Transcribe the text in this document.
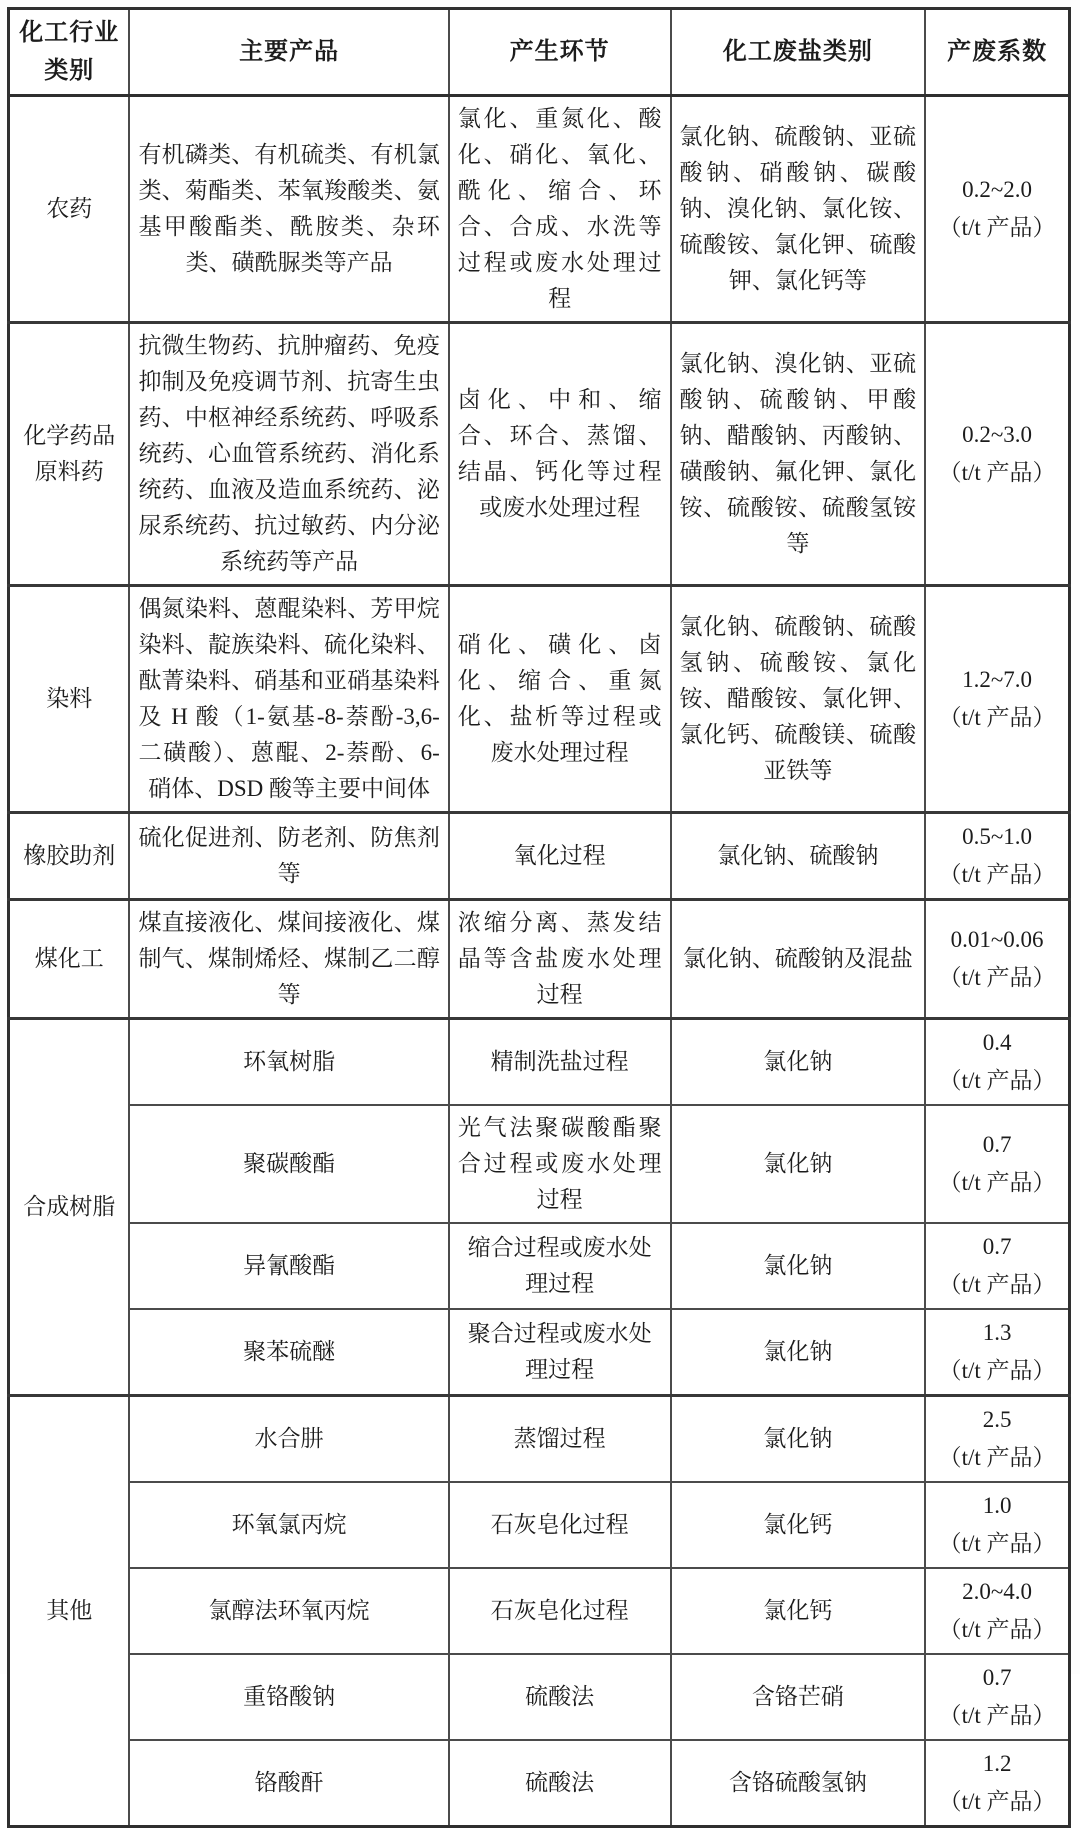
化工行业类别	主要产品	产生环节	化工废盐类别	产废系数
农药	有机磷类、有机硫类、有机氯类、菊酯类、苯氧羧酸类、氨基甲酸酯类、酰胺类、杂环类、磺酰脲类等产品	氯化、重氮化、酸化、硝化、氧化、酰化、缩合、环合、合成、水洗等过程或废水处理过程	氯化钠、硫酸钠、亚硫酸钠、硝酸钠、碳酸钠、溴化钠、氯化铵、硫酸铵、氯化钾、硫酸钾、氯化钙等	0.2~2.0
（t/t 产品）

化学药品原料药	抗微生物药、抗肿瘤药、免疫抑制及免疫调节剂、抗寄生虫药、中枢神经系统药、呼吸系统药、心血管系统药、消化系统药、血液及造血系统药、泌尿系统药、抗过敏药、内分泌系统药等产品	卤化、中和、缩合、环合、蒸馏、结晶、钙化等过程或废水处理过程	氯化钠、溴化钠、亚硫酸钠、硫酸钠、甲酸钠、醋酸钠、丙酸钠、磺酸钠、氟化钾、氯化铵、硫酸铵、硫酸氢铵等	0.2~3.0
（t/t 产品）

染料	偶氮染料、蒽醌染料、芳甲烷染料、靛族染料、硫化染料、酞菁染料、硝基和亚硝基染料及 H 酸（1-氨基-8-萘酚-3,6-二磺酸）、蒽醌、2-萘酚、6-硝体、DSD 酸等主要中间体	硝化、磺化、卤化、缩合、重氮化、盐析等过程或废水处理过程	氯化钠、硫酸钠、硫酸氢钠、硫酸铵、氯化铵、醋酸铵、氯化钾、氯化钙、硫酸镁、硫酸亚铁等	1.2~7.0
（t/t 产品）

橡胶助剂	硫化促进剂、防老剂、防焦剂等	氧化过程	氯化钠、硫酸钠	0.5~1.0
（t/t 产品）

煤化工	煤直接液化、煤间接液化、煤制气、煤制烯烃、煤制乙二醇等	浓缩分离、蒸发结晶等含盐废水处理过程	氯化钠、硫酸钠及混盐	0.01~0.06
（t/t 产品）

合成树脂	环氧树脂	精制洗盐过程	氯化钠	0.4
（t/t 产品）

	聚碳酸酯	光气法聚碳酸酯聚合过程或废水处理过程	氯化钠	0.7
（t/t 产品）

	异氰酸酯	缩合过程或废水处理过程	氯化钠	0.7
（t/t 产品）

	聚苯硫醚	聚合过程或废水处理过程	氯化钠	1.3
（t/t 产品）

其他	水合肼	蒸馏过程	氯化钠	2.5
（t/t 产品）

	环氧氯丙烷	石灰皂化过程	氯化钙	1.0
（t/t 产品）

	氯醇法环氧丙烷	石灰皂化过程	氯化钙	2.0~4.0
（t/t 产品）

	重铬酸钠	硫酸法	含铬芒硝	0.7
（t/t 产品）

	铬酸酐	硫酸法	含铬硫酸氢钠	1.2
（t/t 产品）
